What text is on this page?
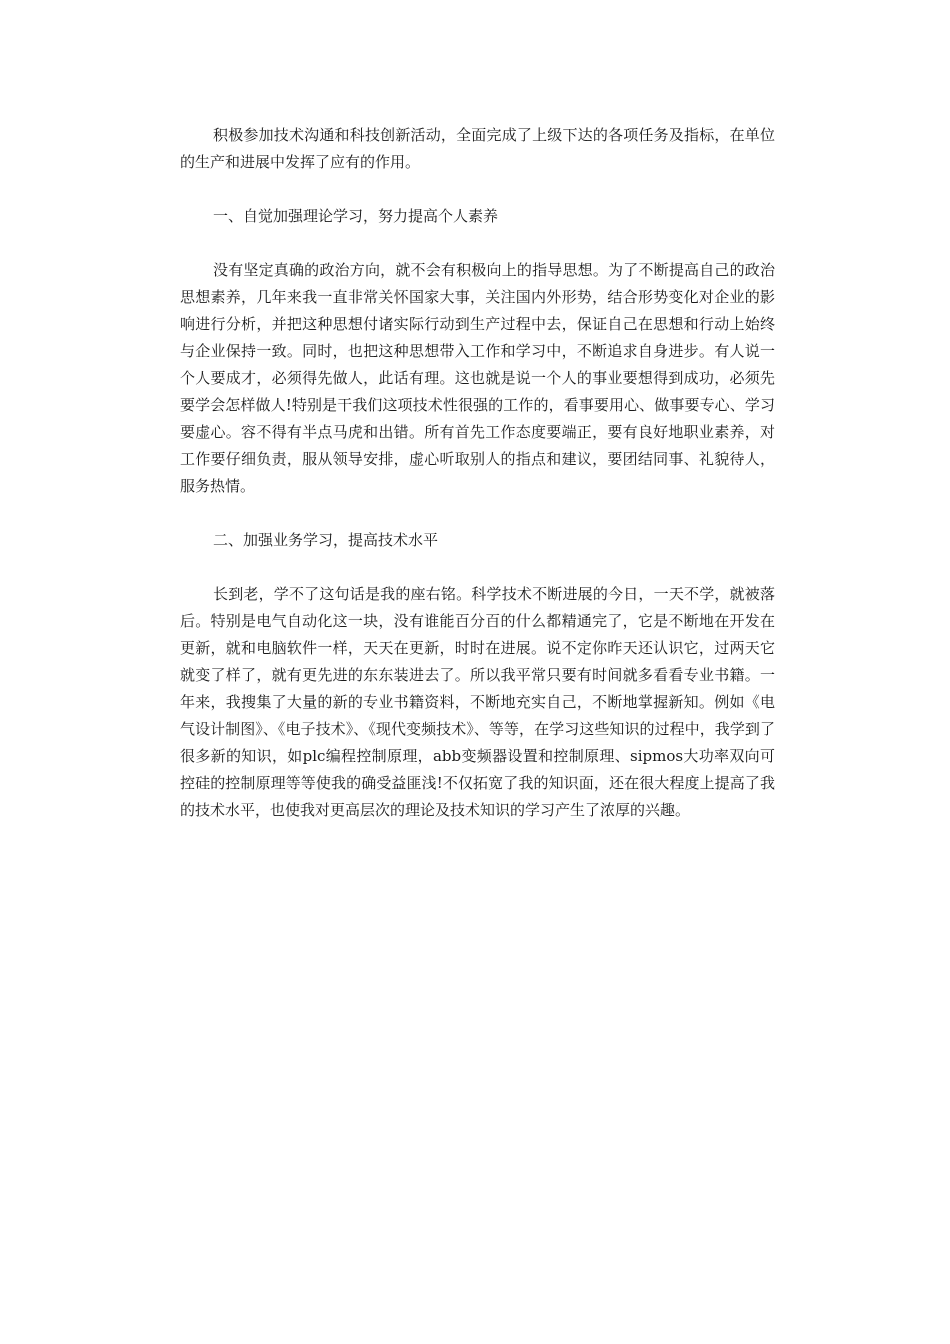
积极参加技术沟通和科技创新活动，全面完成了上级下达的各项任务及指标，在单位的生产和进展中发挥了应有的作用。

一、自觉加强理论学习，努力提高个人素养

没有坚定真确的政治方向，就不会有积极向上的指导思想。为了不断提高自己的政治思想素养，几年来我一直非常关怀国家大事，关注国内外形势，结合形势变化对企业的影响进行分析，并把这种思想付诸实际行动到生产过程中去，保证自己在思想和行动上始终与企业保持一致。同时，也把这种思想带入工作和学习中，不断追求自身进步。有人说一个人要成才，必须得先做人，此话有理。这也就是说一个人的事业要想得到成功，必须先要学会怎样做人!特别是干我们这项技术性很强的工作的，看事要用心、做事要专心、学习要虚心。容不得有半点马虎和出错。所有首先工作态度要端正，要有良好地职业素养，对工作要仔细负责，服从领导安排，虚心听取别人的指点和建议，要团结同事、礼貌待人，服务热情。

二、加强业务学习，提高技术水平

长到老，学不了这句话是我的座右铭。科学技术不断进展的今日，一天不学，就被落后。特别是电气自动化这一块，没有谁能百分百的什么都精通完了，它是不断地在开发在更新，就和电脑软件一样，天天在更新，时时在进展。说不定你昨天还认识它，过两天它就变了样了，就有更先进的东东装进去了。所以我平常只要有时间就多看看专业书籍。一年来，我搜集了大量的新的专业书籍资料，不断地充实自己，不断地掌握新知。例如《电气设计制图》、《电子技术》、《现代变频技术》、等等，在学习这些知识的过程中，我学到了很多新的知识，如plc编程控制原理，abb变频器设置和控制原理、sipmos大功率双向可控硅的控制原理等等使我的确受益匪浅!不仅拓宽了我的知识面，还在很大程度上提高了我的技术水平，也使我对更高层次的理论及技术知识的学习产生了浓厚的兴趣。
